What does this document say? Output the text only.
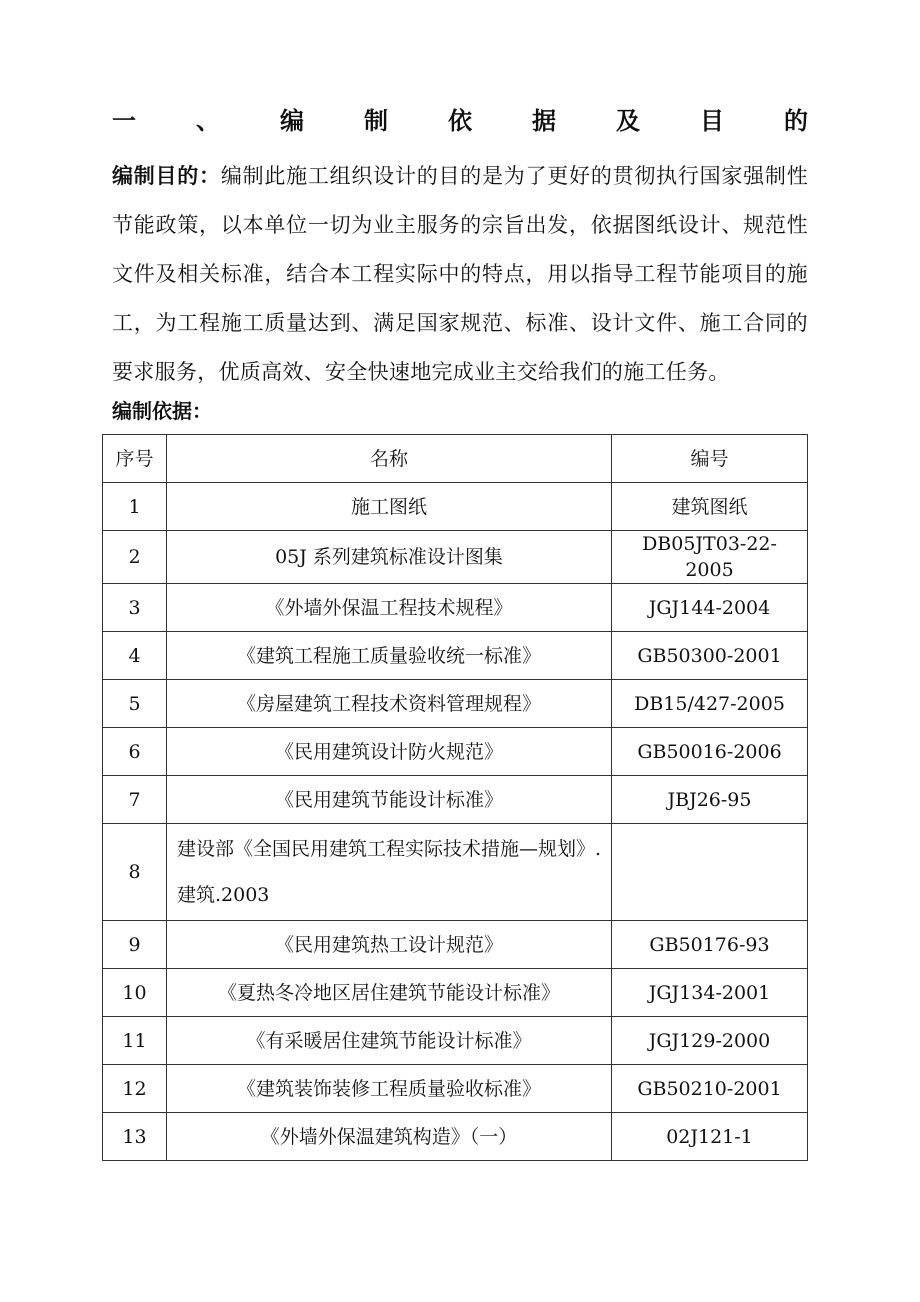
一	、	编	制	依	据	及	目	的

编制目的：编制此施工组织设计的目的是为了更好的贯彻执行国家强制性节能政策，以本单位一切为业主服务的宗旨出发，依据图纸设计、规范性文件及相关标准，结合本工程实际中的特点，用以指导工程节能项目的施工，为工程施工质量达到、满足国家规范、标准、设计文件、施工合同的要求服务，优质高效、安全快速地完成业主交给我们的施工任务。

编制依据：
序号	名称	编号
1	施工图纸	建筑图纸
2	05J 系列建筑标准设计图集	DB05JT03-22-2005
3	《外墙外保温工程技术规程》	JGJ144-2004
4	《建筑工程施工质量验收统一标准》	GB50300-2001
5	《房屋建筑工程技术资料管理规程》	DB15/427-2005
6	《民用建筑设计防火规范》	GB50016-2006
7	《民用建筑节能设计标准》	JBJ26-95
8	建设部《全国民用建筑工程实际技术措施—规划》.建筑.2003	
9	《民用建筑热工设计规范》	GB50176-93
10	《夏热冬冷地区居住建筑节能设计标准》	JGJ134-2001
11	《有采暖居住建筑节能设计标准》	JGJ129-2000
12	《建筑装饰装修工程质量验收标准》	GB50210-2001
13	《外墙外保温建筑构造》（一）	02J121-1
